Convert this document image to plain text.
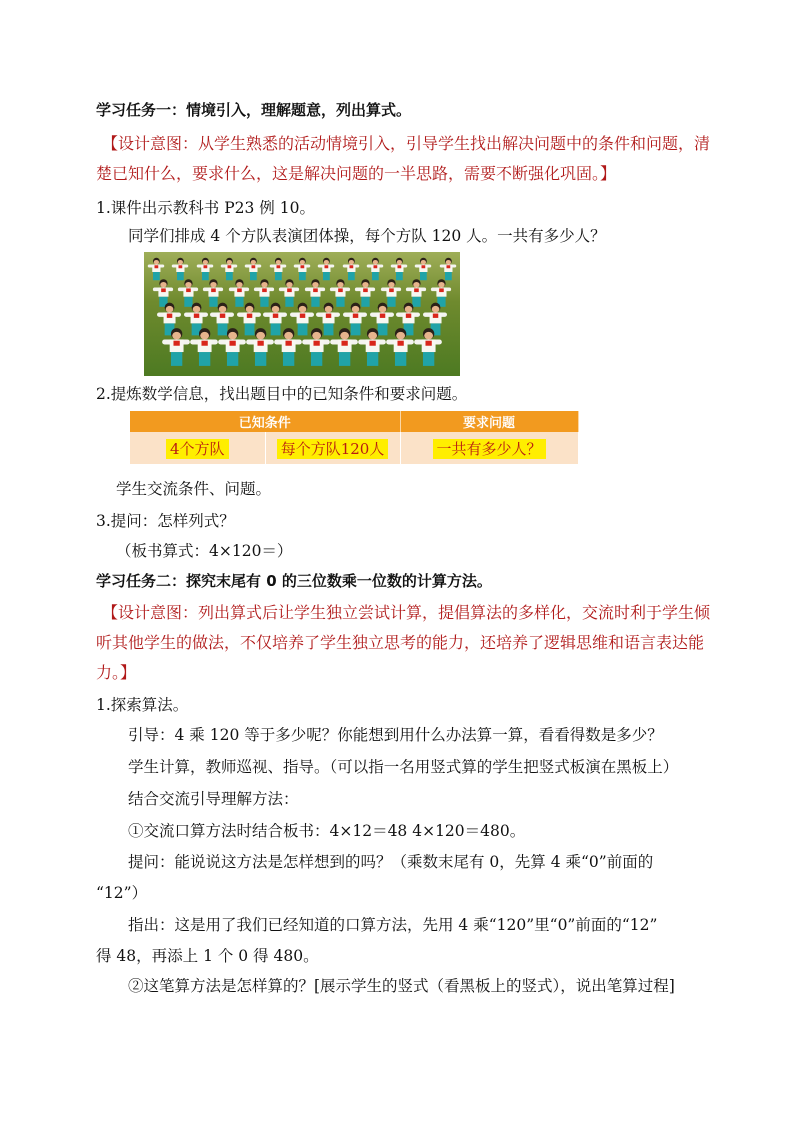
学习任务一：情境引入，理解题意，列出算式。
【设计意图：从学生熟悉的活动情境引入，引导学生找出解决问题中的条件和问题，清
楚已知什么，要求什么，这是解决问题的一半思路，需要不断强化巩固。】
1.课件出示教科书 P23 例 10。
同学们排成 4 个方队表演团体操，每个方队 120 人。一共有多少人？
2.提炼数学信息，找出题目中的已知条件和要求问题。
已知条件		要求问题
4个方队	每个方队120人	一共有多少人？
学生交流条件、问题。
3.提问：怎样列式？
（板书算式：4×120＝）
学习任务二：探究末尾有 0 的三位数乘一位数的计算方法。
【设计意图：列出算式后让学生独立尝试计算，提倡算法的多样化，交流时利于学生倾
听其他学生的做法，不仅培养了学生独立思考的能力，还培养了逻辑思维和语言表达能
力。】
1.探索算法。
引导：4 乘 120 等于多少呢？你能想到用什么办法算一算，看看得数是多少？
学生计算，教师巡视、指导。（可以指一名用竖式算的学生把竖式板演在黑板上）
结合交流引导理解方法：
①交流口算方法时结合板书：4×12＝48 4×120＝480。
提问：能说说这方法是怎样想到的吗？（乘数末尾有 0，先算 4 乘“0”前面的
“12”）
指出：这是用了我们已经知道的口算方法，先用 4 乘“120”里“0”前面的“12”
得 48，再添上 1 个 0 得 480。
②这笔算方法是怎样算的？[展示学生的竖式（看黑板上的竖式），说出笔算过程]
